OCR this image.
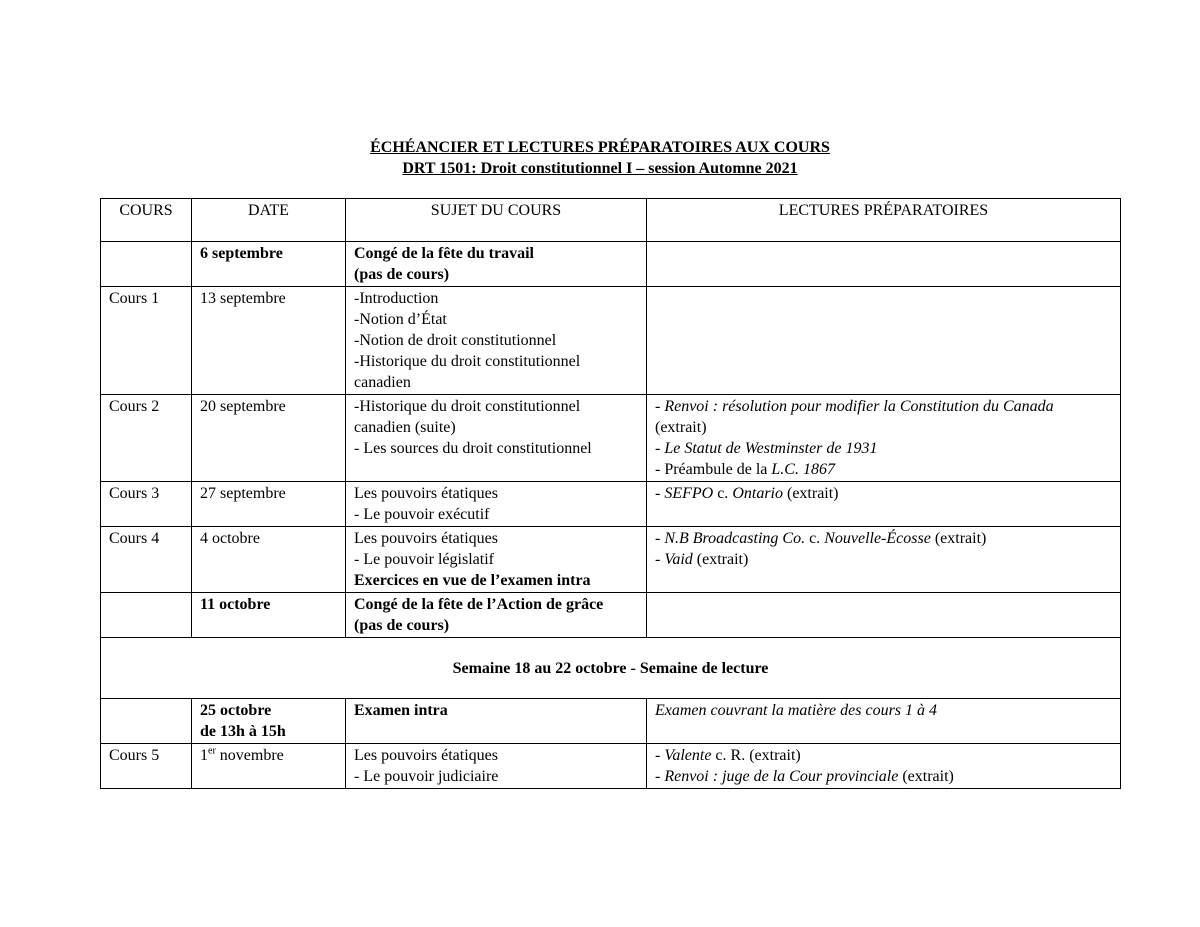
ÉCHÉANCIER ET LECTURES PRÉPARATOIRES AUX COURS
DRT 1501: Droit constitutionnel I – session Automne 2021
COURS	DATE	SUJET DU COURS	LECTURES PRÉPARATOIRES
	6 septembre	Congé de la fête du travail
(pas de cours)	

Cours 1	13 septembre	-Introduction
-Notion d’État
-Notion de droit constitutionnel
-Historique du droit constitutionnel
canadien	

Cours 2	20 septembre	-Historique du droit constitutionnel
canadien (suite)
- Les sources du droit constitutionnel	- Renvoi : résolution pour modifier la Constitution du Canada
(extrait)
- Le Statut de Westminster de 1931
- Préambule de la L.C. 1867

Cours 3	27 septembre	Les pouvoirs étatiques
- Le pouvoir exécutif	- SEFPO c. Ontario (extrait)

Cours 4	4 octobre	Les pouvoirs étatiques
- Le pouvoir législatif
Exercices en vue de l’examen intra	- N.B Broadcasting Co. c. Nouvelle-Écosse (extrait)
- Vaid (extrait)

	11 octobre	Congé de la fête de l’Action de grâce
(pas de cours)	

Semaine 18 au 22 octobre - Semaine de lecture			

	25 octobre
de 13h à 15h	Examen intra	Examen couvrant la matière des cours 1 à 4
Cours 5	1er novembre	Les pouvoirs étatiques
- Le pouvoir judiciaire	- Valente c. R. (extrait)
- Renvoi : juge de la Cour provinciale (extrait)
